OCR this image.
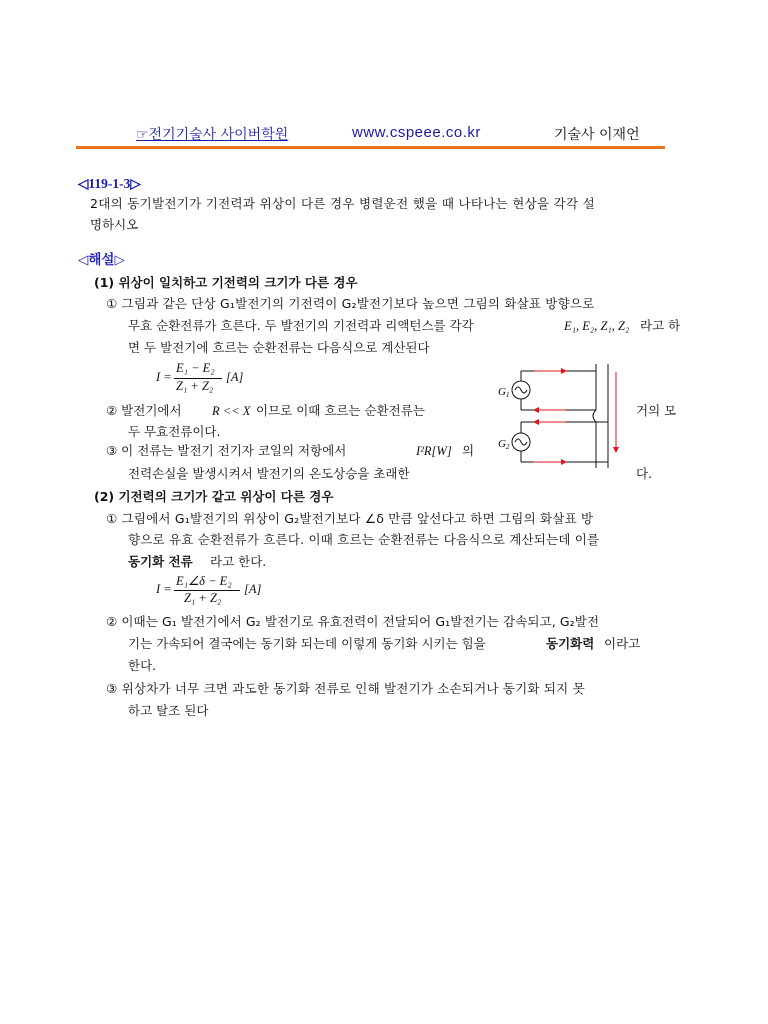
☞전기기술사 사이버학원	www.cspeee.co.kr	기술사 이재언
◁119-1-3▷
2대의 동기발전기가 기전력과 위상이 다른 경우 병렬운전 했을 때 나타나는 현상을 각각 설
명하시오
◁해설▷
(1) 위상이 일치하고 기전력의 크기가 다른 경우
① 그림과 같은 단상 G₁발전기의 기전력이 G₂발전기보다 높으면 그림의 화살표 방향으로
무효 순환전류가 흐른다. 두 발전기의 기전력과 리액턴스를 각각	E₁, E₂, Z₁, Z₂ 라고 하
면 두 발전기에 흐르는 순환전류는 다음식으로 계산된다
I =
E₁ − E₂
Z₁ + Z₂
[A]
② 발전기에서 R << X 이므로 이때 흐르는 순환전류는	거의 모
두 무효전류이다.
③ 이 전류는 발전기 전기자 코일의 저항에서	I²R[W] 의
전력손실을 발생시켜서 발전기의 온도상승을 초래한	다.
G1
G2
(2) 기전력의 크기가 같고 위상이 다른 경우
① 그림에서 G₁발전기의 위상이 G₂발전기보다 ∠δ 만큼 앞선다고 하면 그림의 화살표 방
향으로 유효 순환전류가 흐른다. 이때 흐르는 순환전류는 다음식으로 계산되는데 이를
동기화 전류 라고 한다.
I =
E₁∠δ − E₂
Z₁ + Z₂
[A]
② 이때는 G₁ 발전기에서 G₂ 발전기로 유효전력이 전달되어 G₁발전기는 감속되고, G₂발전
기는 가속되어 결국에는 동기화 되는데 이렇게 동기화 시키는 힘을	동기화력 이라고
한다.
③ 위상차가 너무 크면 과도한 동기화 전류로 인해 발전기가 소손되거나 동기화 되지 못
하고 탈조 된다
